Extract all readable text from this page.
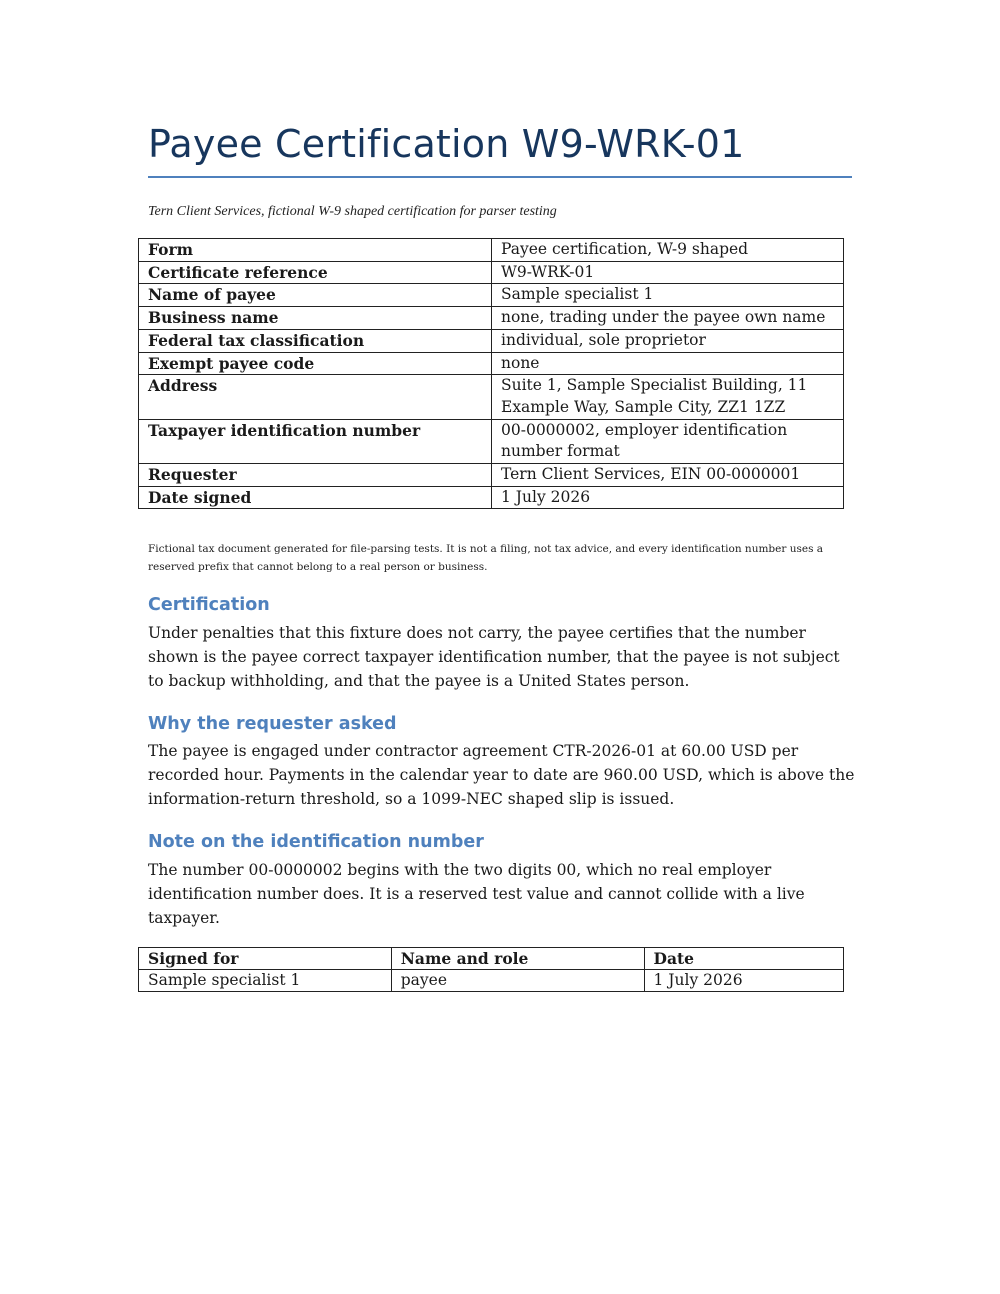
Payee Certification W9-WRK-01

Tern Client Services, fictional W-9 shaped certification for parser testing

Form	Payee certification, W-9 shaped
Certificate reference	W9-WRK-01
Name of payee	Sample specialist 1
Business name	none, trading under the payee own name
Federal tax classification	individual, sole proprietor
Exempt payee code	none
Address	Suite 1, Sample Specialist Building, 11 Example Way, Sample City, ZZ1 1ZZ
Taxpayer identification number	00-0000002, employer identification number format
Requester	Tern Client Services, EIN 00-0000001
Date signed	1 July 2026

Fictional tax document generated for file-parsing tests. It is not a filing, not tax advice, and every identification number uses a reserved prefix that cannot belong to a real person or business.

Certification

Under penalties that this fixture does not carry, the payee certifies that the number shown is the payee correct taxpayer identification number, that the payee is not subject to backup withholding, and that the payee is a United States person.

Why the requester asked

The payee is engaged under contractor agreement CTR-2026-01 at 60.00 USD per recorded hour. Payments in the calendar year to date are 960.00 USD, which is above the information-return threshold, so a 1099-NEC shaped slip is issued.

Note on the identification number

The number 00-0000002 begins with the two digits 00, which no real employer identification number does. It is a reserved test value and cannot collide with a live taxpayer.

Signed for	Name and role	Date
Sample specialist 1	payee	1 July 2026
